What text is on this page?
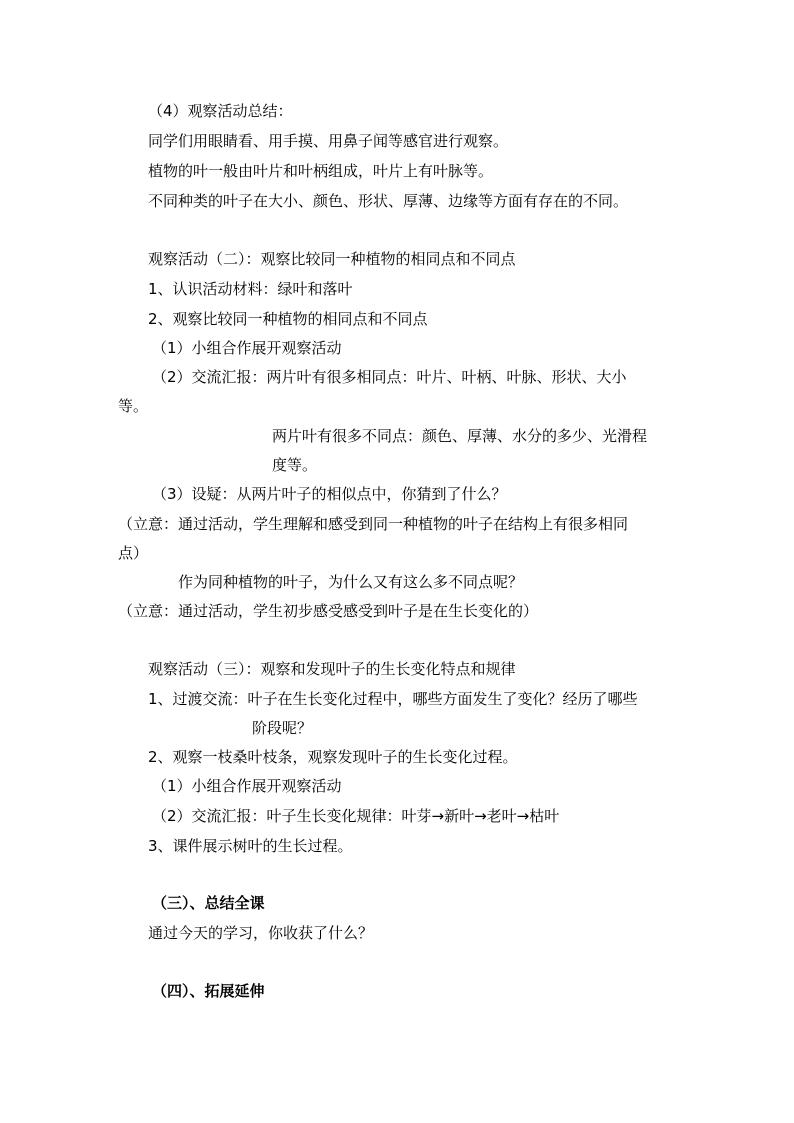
（4）观察活动总结：

同学们用眼睛看、用手摸、用鼻子闻等感官进行观察。

植物的叶一般由叶片和叶柄组成，叶片上有叶脉等。

不同种类的叶子在大小、颜色、形状、厚薄、边缘等方面有存在的不同。

观察活动（二）：观察比较同一种植物的相同点和不同点

1、认识活动材料：绿叶和落叶

2、观察比较同一种植物的相同点和不同点

（1）小组合作展开观察活动

（2）交流汇报：两片叶有很多相同点：叶片、叶柄、叶脉、形状、大小

等。

两片叶有很多不同点：颜色、厚薄、水分的多少、光滑程

度等。

（3）设疑：从两片叶子的相似点中，你猜到了什么？

（立意：通过活动，学生理解和感受到同一种植物的叶子在结构上有很多相同

点）

作为同种植物的叶子，为什么又有这么多不同点呢？

（立意：通过活动，学生初步感受感受到叶子是在生长变化的）

观察活动（三）：观察和发现叶子的生长变化特点和规律

1、过渡交流：叶子在生长变化过程中，哪些方面发生了变化？经历了哪些

阶段呢？

2、观察一枝桑叶枝条，观察发现叶子的生长变化过程。

（1）小组合作展开观察活动

（2）交流汇报：叶子生长变化规律：叶芽→新叶→老叶→枯叶

3、课件展示树叶的生长过程。

（三）、总结全课

通过今天的学习，你收获了什么？

（四）、拓展延伸
